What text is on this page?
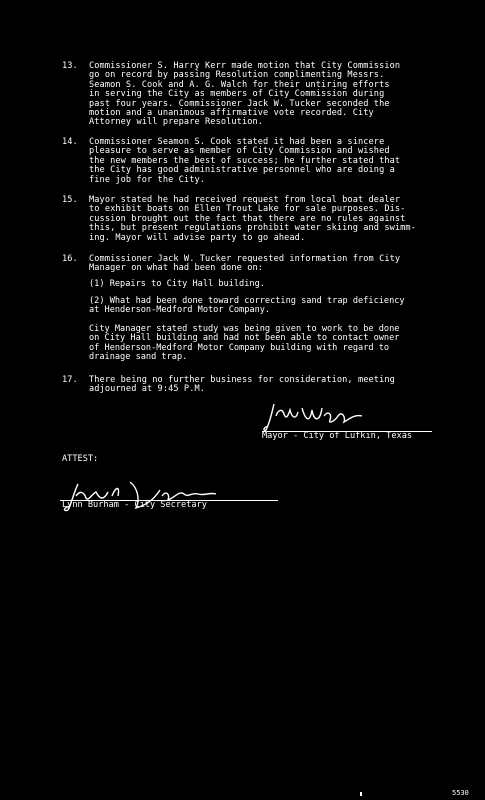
13.	Commissioner S. Harry Kerr made motion that City Commission
go on record by passing Resolution complimenting Messrs.
Seamon S. Cook and A. G. Walch for their untiring efforts
in serving the City as members of City Commission during
past four years. Commissioner Jack W. Tucker seconded the
motion and a unanimous affirmative vote recorded. City
Attorney will prepare Resolution.
14.	Commissioner Seamon S. Cook stated it had been a sincere
pleasure to serve as member of City Commission and wished
the new members the best of success; he further stated that
the City has good administrative personnel who are doing a
fine job for the City.
15.	Mayor stated he had received request from local boat dealer
to exhibit boats on Ellen Trout Lake for sale purposes. Dis-
cussion brought out the fact that there are no rules against
this, but present regulations prohibit water skiing and swimm-
ing. Mayor will advise party to go ahead.
16.	Commissioner Jack W. Tucker requested information from City
Manager on what had been done on:
(1) Repairs to City Hall building.
(2) What had been done toward correcting sand trap deficiency
at Henderson-Medford Motor Company.
City Manager stated study was being given to work to be done
on City Hall building and had not been able to contact owner
of Henderson-Medford Motor Company building with regard to
drainage sand trap.
17.	There being no further business for consideration, meeting
adjourned at 9:45 P.M.
Mayor - City of Lufkin, Texas
ATTEST:
Lynn Burham - City Secretary
5530
